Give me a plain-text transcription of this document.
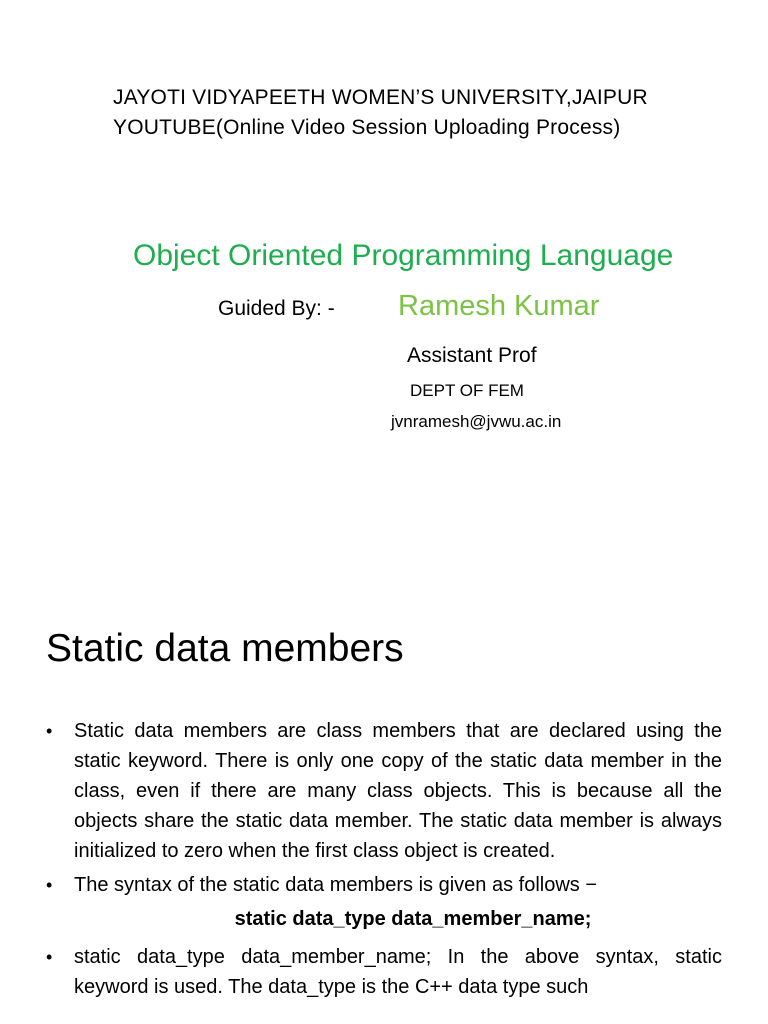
JAYOTI VIDYAPEETH WOMEN’S UNIVERSITY,JAIPUR
YOUTUBE(Online Video Session Uploading Process)
Object Oriented Programming Language
Guided By: - Ramesh Kumar
Assistant Prof
DEPT OF FEM
jvnramesh@jvwu.ac.in
Static data members
• Static data members are class members that are declared using the static keyword. There is only one copy of the static data member in the class, even if there are many class objects. This is because all the objects share the static data member. The static data member is always initialized to zero when the first class object is created.
• The syntax of the static data members is given as follows −
static data_type data_member_name;
• static data_type data_member_name; In the above syntax, static keyword is used. The data_type is the C++ data type such
